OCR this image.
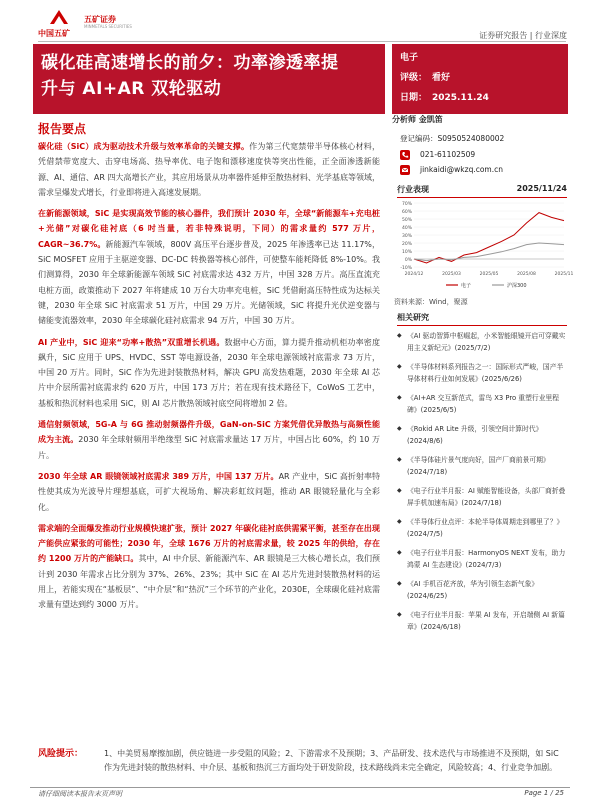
中国五矿
五矿证券
MINMETALS SECURITIES
证券研究报告 | 行业深度
碳化硅高速增长的前夕：功率渗透率提
升与 AI+AR 双轮驱动
电子
评级： 看好
日期： 2025.11.24
报告要点

碳化硅（SiC）成为驱动技术升级与效率革命的关键支撑。作为第三代宽禁带半导体核心材料，凭借禁带宽度大、击穿电场高、热导率优、电子饱和漂移速度快等突出性能，正全面渗透新能源、AI、通信、AR 四大高增长产业，其应用场景从功率器件延伸至散热材料、光学基底等领域，需求呈爆发式增长，行业即将进入高速发展期。

在新能源领域，SiC 是实现高效节能的核心器件，我们预计 2030 年，全球“新能源车+充电桩+光储”对碳化硅衬底（6 吋当量，若非特殊说明，下同）的需求量约 577 万片，CAGR~36.7%。新能源汽车领域，800V 高压平台逐步普及，2025 年渗透率已达 11.17%，SiC MOSFET 应用于主驱逆变器、DC-DC 转换器等核心部件，可使整车能耗降低 8%-10%。我们测算得，2030 年全球新能源车领域 SiC 衬底需求达 432 万片，中国 328 万片。高压直流充电桩方面，政策推动下 2027 年将建成 10 万台大功率充电桩，SiC 凭借耐高压特性成为达标关键，2030 年全球 SiC 衬底需求 51 万片，中国 29 万片。光储领域，SiC 将提升光伏逆变器与储能变流器效率，2030 年全球碳化硅衬底需求 94 万片，中国 30 万片。

AI 产业中，SiC 迎来“功率+散热”双重增长机遇。数据中心方面，算力提升推动机柜功率密度飙升，SiC 应用于 UPS、HVDC、SST 等电源设备，2030 年全球电源领域衬底需求 73 万片，中国 20 万片。同时，SiC 作为先进封装散热材料，解决 GPU 高发热难题，2030 年全球 AI 芯片中介层所需衬底需求约 620 万片，中国 173 万片；若在现有技术路径下，CoWoS 工艺中，基板和热沉材料也采用 SiC，则 AI 芯片散热领域衬底空间将增加 2 倍。

通信射频领域，5G-A 与 6G 推动射频器件升级，GaN-on-SiC 方案凭借优异散热与高频性能成为主流。2030 年全球射频用半绝缘型 SiC 衬底需求量达 17 万片，中国占比 60%，约 10 万片。

2030 年全球 AR 眼镜领域衬底需求 389 万片，中国 137 万片。AR 产业中，SiC 高折射率特性使其成为光波导片理想基底，可扩大视场角、解决彩虹纹问题，推动 AR 眼镜轻量化与全彩化。

需求端的全面爆发推动行业规模快速扩张，预计 2027 年碳化硅衬底供需紧平衡，甚至存在出现产能供应紧张的可能性；2030 年，全球 1676 万片的衬底需求量，较 2025 年的供给，存在约 1200 万片的产能缺口。其中，AI 中介层、新能源汽车、AR 眼镜是三大核心增长点，我们预计到 2030 年需求占比分别为 37%、26%、23%；其中 SiC 在 AI 芯片先进封装散热材料的运用上，若能实现在“基板层”、“中介层”和“热沉”三个环节的产业化，2030E，全球碳化硅衬底需求量有望达到约 3000 万片。

分析师 金凯笛
登记编码：S0950524080002
021-61102509
jinkaidi@wkzq.com.cn
行业表现	2025/11/24
70%
60%
50%
40%
30%
20%
10%
0%
-10%
2024/12	2025/03	2025/05	2025/08	2025/11
电子	沪深300
资料来源：Wind，聚源
相关研究
◆ 《AI 驱动智算中枢崛起，小米智能眼镜开启可穿戴实用主义新纪元》(2025/7/2)
◆ 《半导体材料系列报告之一：国际形式严峻，国产半导体材料行业如何发展》(2025/6/26)
◆ 《AI+AR 交互新范式，雷鸟 X3 Pro 重塑行业里程碑》(2025/6/5)
◆ 《Rokid AR Lite 升级，引领空间计算时代》(2024/8/6)
◆ 《半导体硅片景气度向好，国产厂商前景可期》(2024/7/18)
◆ 《电子行业半月报：AI 赋能智能设备，头部厂商折叠屏手机加速布局》(2024/7/18)
◆ 《半导体行业点评：本轮半导体周期走到哪里了？》(2024/7/5)
◆ 《电子行业半月报：HarmonyOS NEXT 发布，助力鸿蒙 AI 生态建设》(2024/7/3)
◆ 《AI 手机百花齐放，华为引领生态新气象》(2024/6/25)
◆ 《电子行业半月报：苹果 AI 发布，开启端侧 AI 新篇章》(2024/6/18)
风险提示：	1、中美贸易摩擦加剧，供应链进一步受阻的风险；2、下游需求不及预期；3、产品研发、技术迭代与市场推进不及预期，如 SiC 作为先进封装的散热材料、中介层、基板和热沉三方面均处于研发阶段，技术路线尚未完全确定，风险较高；4、行业竞争加剧。
请仔细阅读本报告末页声明	Page 1 / 25
